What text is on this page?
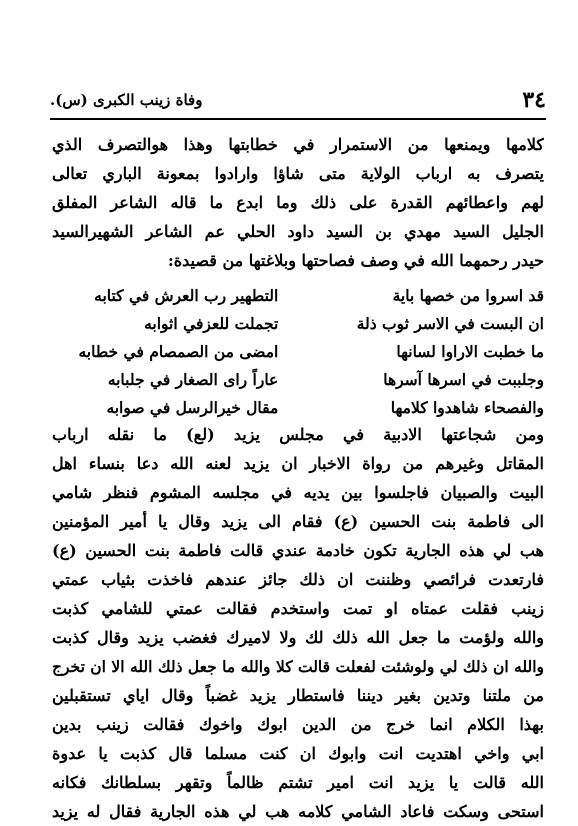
٣٤
وفاة زينب الكبرى (س).
كلامها ويمنعها من الاستمرار في خطابتها وهذا هوالتصرف الذي
يتصرف به ارباب الولاية متى شاؤا وارادوا بمعونة الباري تعالى
لهم واعطائهم القدرة على ذلك وما ابدع ما قاله الشاعر المفلق
الجليل السيد مهدي بن السيد داود الحلي عم الشاعر الشهيرالسيد
حيدر رحمهما الله في وصف فصاحتها وبلاغتها من قصيدة:
قد اسروا من خصها باية
التطهير رب العرش في كتابه
ان البست في الاسر ثوب ذلة
تجملت للعزفي اثوابه
ما خطبت الاراوا لسانها
امضى من الصمصام في خطابه
وجلببت في اسرها آسرها
عاراً راى الصغار في جلبابه
والفصحاء شاهدوا كلامها
مقال خيرالرسل في صوابه
ومن شجاعتها الادبية في مجلس يزيد (لع) ما نقله ارباب
المقاتل وغيرهم من رواة الاخبار ان يزيد لعنه الله دعا بنساء اهل
البيت والصبيان فاجلسوا بين يديه في مجلسه المشوم فنظر شامي
الى فاطمة بنت الحسين (ع) فقام الى يزيد وقال يا أمير المؤمنين
هب لي هذه الجارية تكون خادمة عندي قالت فاطمة بنت الحسين (ع)
فارتعدت فرائصي وظننت ان ذلك جائز عندهم فاخذت بثياب عمتي
زينب فقلت عمتاه او تمت واستخدم فقالت عمتي للشامي كذبت
والله ولؤمت ما جعل الله ذلك لك ولا لاميرك فغضب يزيد وقال كذبت
والله ان ذلك لي ولوشئت لفعلت قالت كلا والله ما جعل ذلك الله الا ان تخرج
من ملتنا وتدين بغير ديننا فاستطار يزيد غضباً وقال اياي تستقبلين
بهذا الكلام انما خرج من الدين ابوك واخوك فقالت زينب بدين
ابي واخي اهتديت انت وابوك ان كنت مسلما قال كذبت يا عدوة
الله قالت يا يزيد انت امير تشتم ظالماً وتقهر بسلطانك فكانه
استحى وسكت فاعاد الشامي كلامه هب لي هذه الجارية فقال له يزيد
